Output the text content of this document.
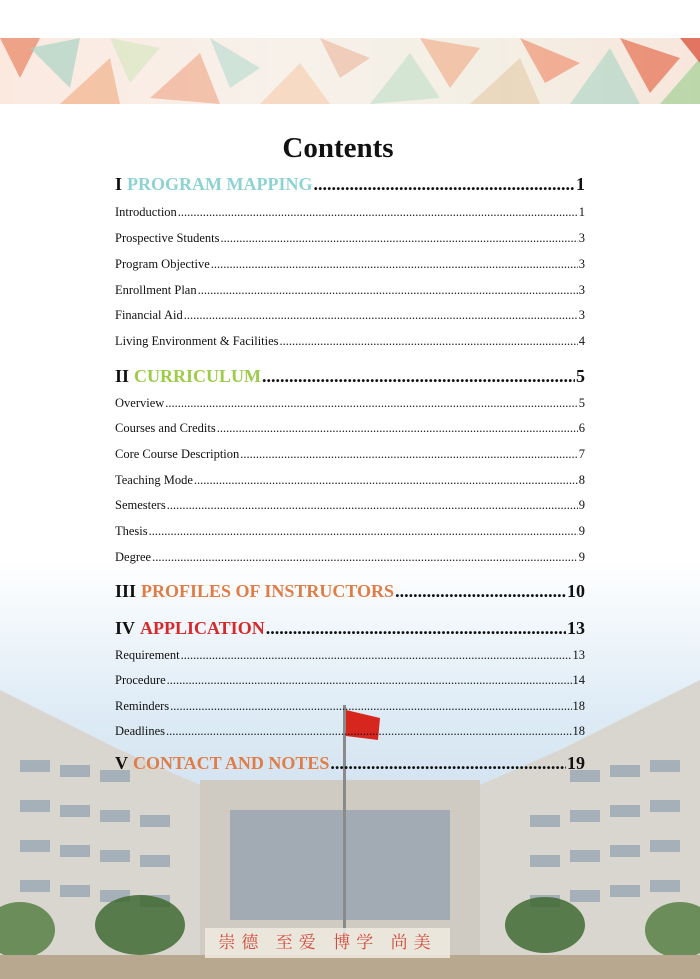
Contents
I PROGRAM MAPPING .....	1
Introduction .....	1
Prospective Students .....	3
Program Objective .....	3
Enrollment Plan .....	3
Financial Aid .....	3
Living Environment & Facilities .....	4
II CURRICULUM .....	5
Overview .....	5
Courses and Credits .....	6
Core Course Description .....	7
Teaching Mode .....	8
Semesters .....	9
Thesis .....	9
Degree .....	9
III PROFILES OF INSTRUCTORS .....	10
IV APPLICATION .....	13
Requirement .....	13
Procedure .....	14
Reminders .....	18
Deadlines .....	18
V CONTACT AND NOTES .....	19
崇德 至爱 博学 尚美
